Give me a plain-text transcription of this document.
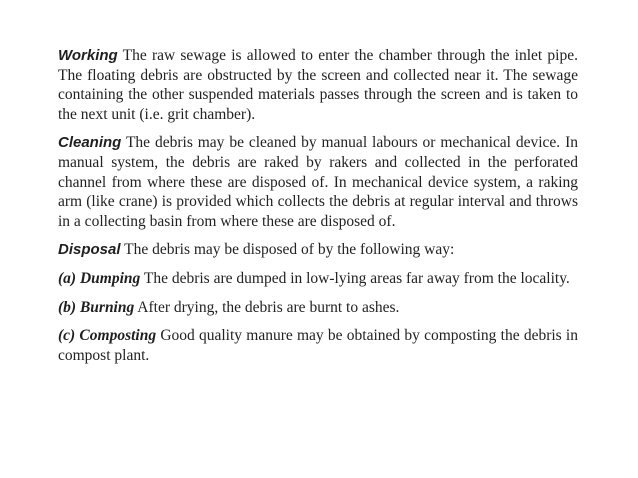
Working The raw sewage is allowed to enter the chamber through the inlet pipe. The floating debris are obstructed by the screen and collected near it. The sewage containing the other suspended materials passes through the screen and is taken to the next unit (i.e. grit chamber).

Cleaning The debris may be cleaned by manual labours or mechanical device. In manual system, the debris are raked by rakers and collected in the perforated channel from where these are disposed of. In mechanical device system, a raking arm (like crane) is provided which collects the debris at regular interval and throws in a collecting basin from where these are disposed of.

Disposal The debris may be disposed of by the following way:

(a) Dumping The debris are dumped in low-lying areas far away from the locality.

(b) Burning After drying, the debris are burnt to ashes.

(c) Composting Good quality manure may be obtained by composting the debris in compost plant.
